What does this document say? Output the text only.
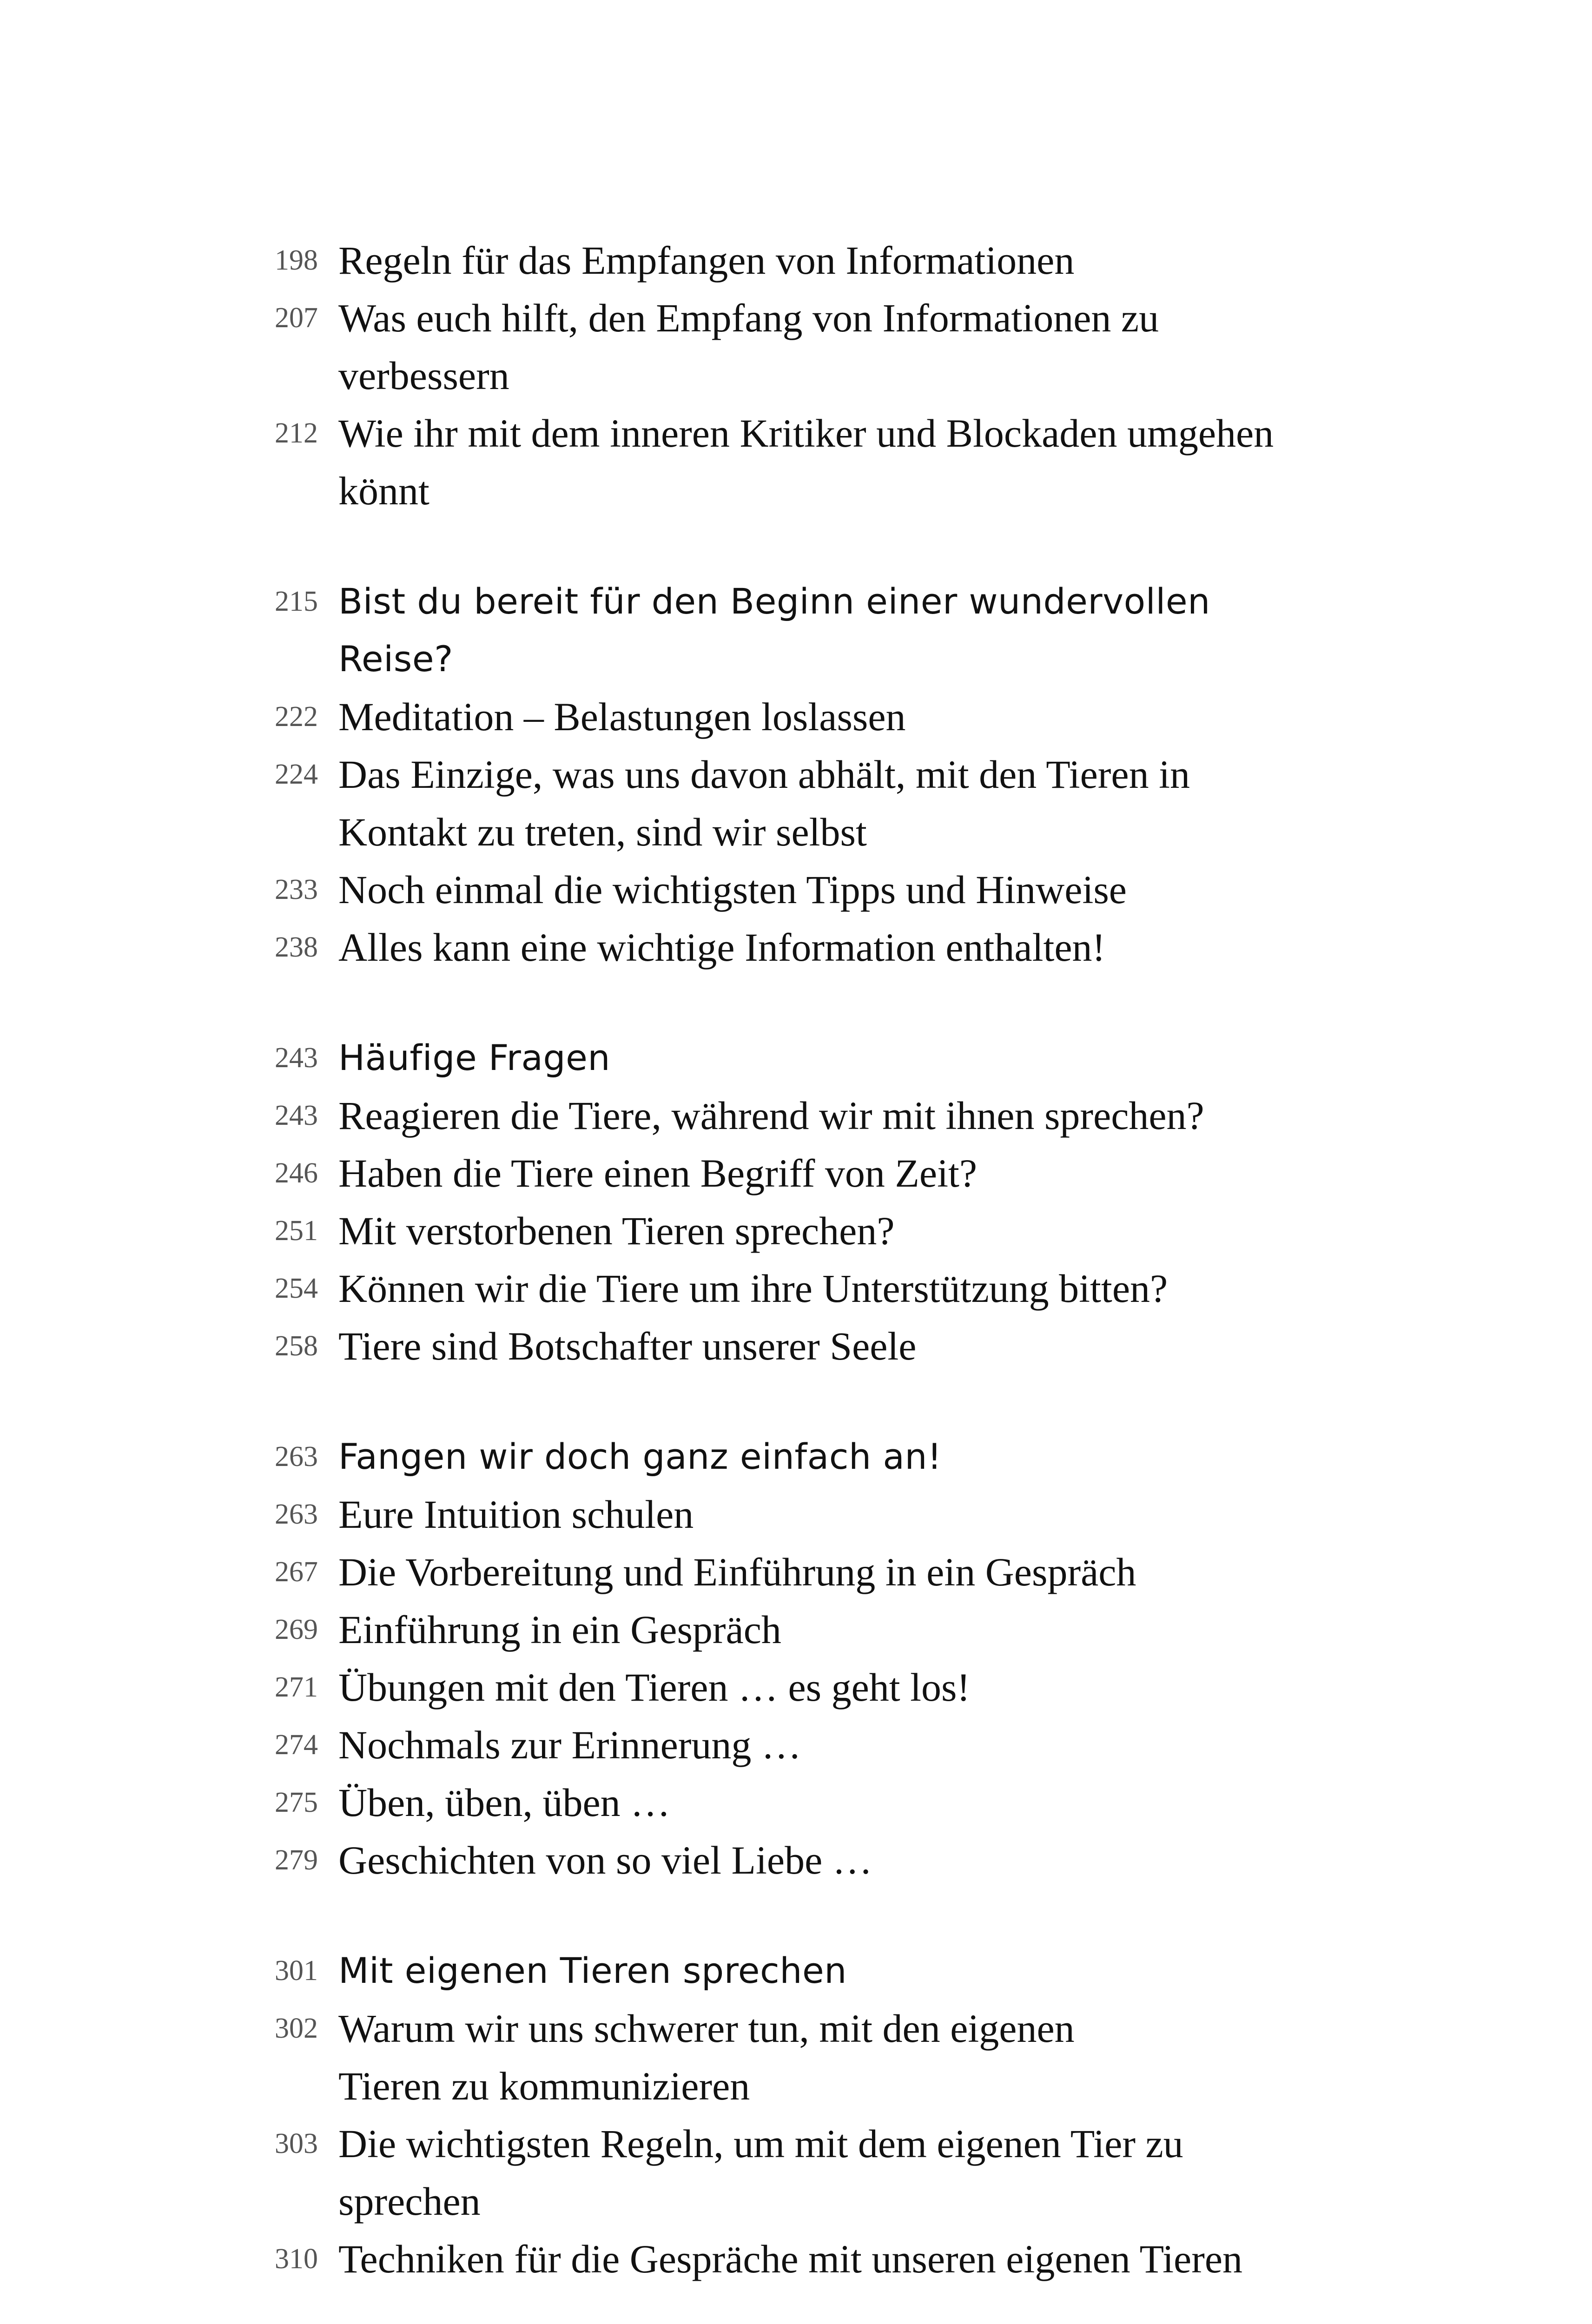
198 Regeln für das Empfangen von Informationen
207 Was euch hilft, den Empfang von Informationen zu verbessern
212 Wie ihr mit dem inneren Kritiker und Blockaden umgehen könnt
215 Bist du bereit für den Beginn einer wundervollen Reise?
222 Meditation – Belastungen loslassen
224 Das Einzige, was uns davon abhält, mit den Tieren in Kontakt zu treten, sind wir selbst
233 Noch einmal die wichtigsten Tipps und Hinweise
238 Alles kann eine wichtige Information enthalten!
243 Häufige Fragen
243 Reagieren die Tiere, während wir mit ihnen sprechen?
246 Haben die Tiere einen Begriff von Zeit?
251 Mit verstorbenen Tieren sprechen?
254 Können wir die Tiere um ihre Unterstützung bitten?
258 Tiere sind Botschafter unserer Seele
263 Fangen wir doch ganz einfach an!
263 Eure Intuition schulen
267 Die Vorbereitung und Einführung in ein Gespräch
269 Einführung in ein Gespräch
271 Übungen mit den Tieren … es geht los!
274 Nochmals zur Erinnerung …
275 Üben, üben, üben …
279 Geschichten von so viel Liebe …
301 Mit eigenen Tieren sprechen
302 Warum wir uns schwerer tun, mit den eigenen Tieren zu kommunizieren
303 Die wichtigsten Regeln, um mit dem eigenen Tier zu sprechen
310 Techniken für die Gespräche mit unseren eigenen Tieren
